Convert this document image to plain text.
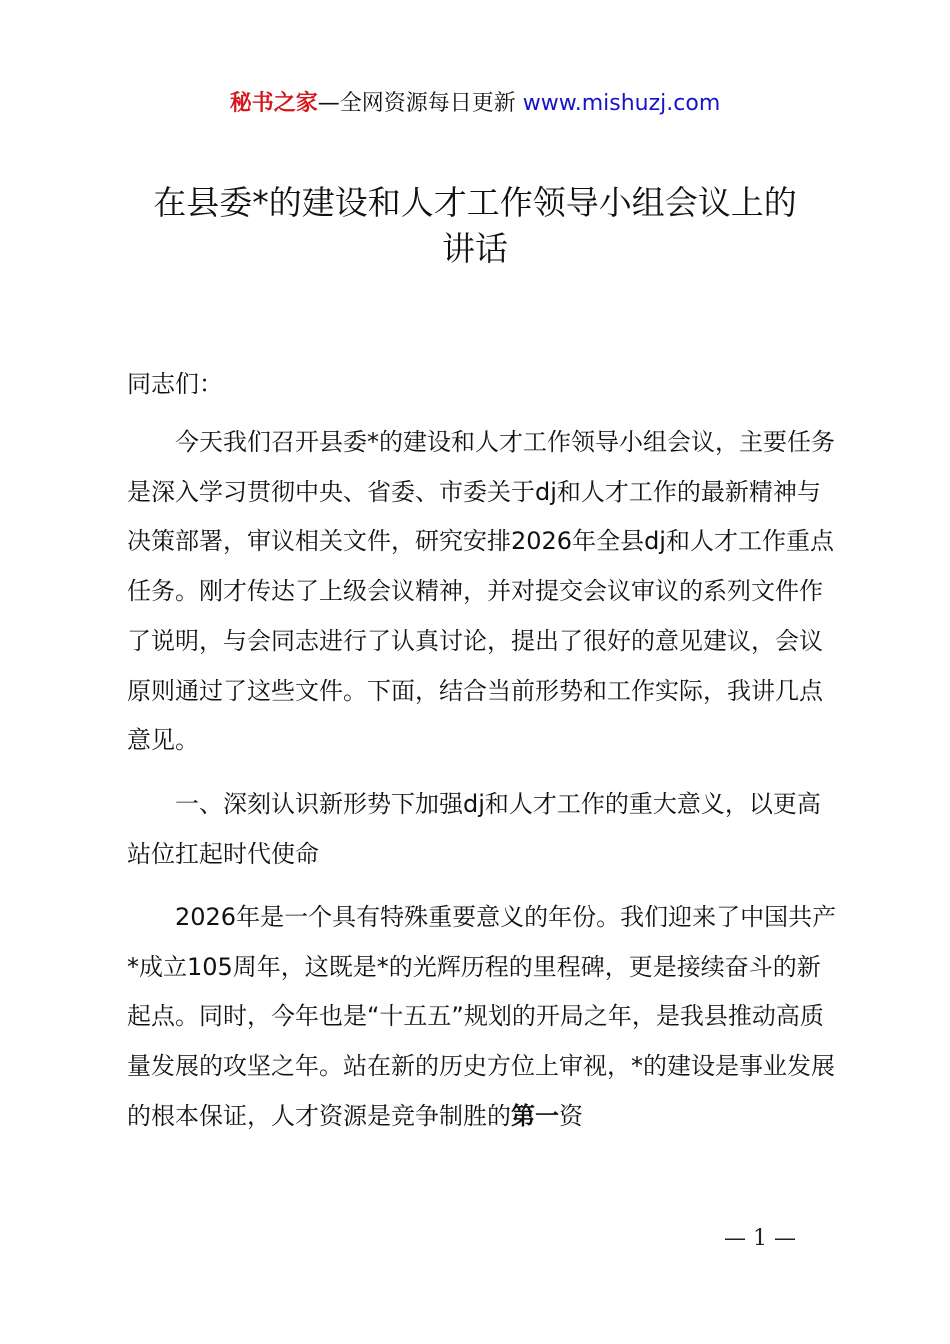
秘书之家—全网资源每日更新 www.mishuzj.com
在县委*的建设和人才工作领导小组会议上的
讲话
同志们：

今天我们召开县委*的建设和人才工作领导小组会议，主要任务是深入学习贯彻中央、省委、市委关于dj和人才工作的最新精神与决策部署，审议相关文件，研究安排2026年全县dj和人才工作重点任务。刚才传达了上级会议精神，并对提交会议审议的系列文件作了说明，与会同志进行了认真讨论，提出了很好的意见建议，会议原则通过了这些文件。下面，结合当前形势和工作实际，我讲几点意见。

一、深刻认识新形势下加强dj和人才工作的重大意义，以更高站位扛起时代使命

2026年是一个具有特殊重要意义的年份。我们迎来了中国共产*成立105周年，这既是*的光辉历程的里程碑，更是接续奋斗的新起点。同时，今年也是“十五五”规划的开局之年，是我县推动高质量发展的攻坚之年。站在新的历史方位上审视，*的建设是事业发展的根本保证，人才资源是竞争制胜的第一资

— 1 —
